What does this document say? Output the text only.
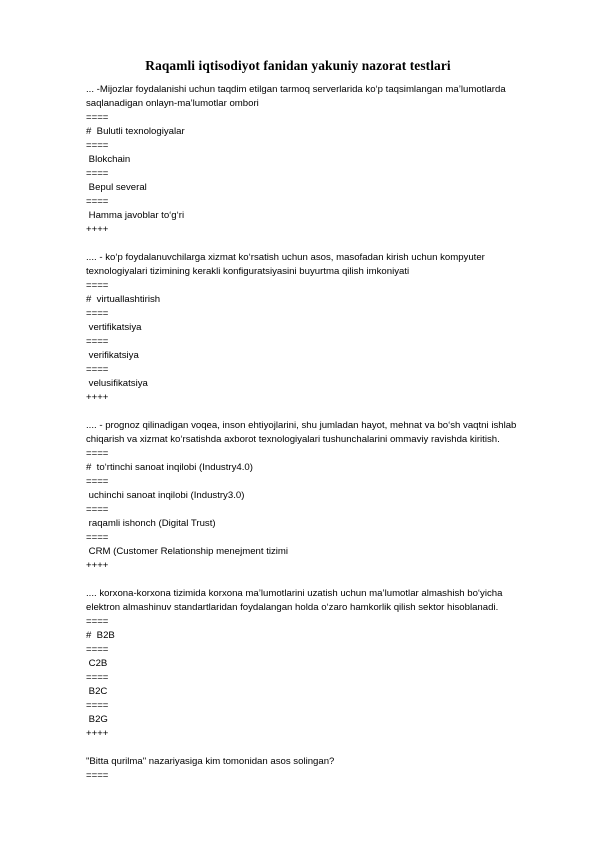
Raqamli iqtisodiyot fanidan yakuniy nazorat testlari
... -Mijozlar foydalanishi uchun taqdim etilgan tarmoq serverlarida ko‘p taqsimlangan ma’lumotlarda
saqlanadigan onlayn-ma’lumotlar ombori
====
#  Bulutli texnologiyalar
====
Blokchain
====
Bepul several
====
Hamma javoblar to‘g‘ri
++++
.... - ko‘p foydalanuvchilarga xizmat ko‘rsatish uchun asos, masofadan kirish uchun kompyuter
texnologiyalari tizimining kerakli konfiguratsiyasini buyurtma qilish imkoniyati
====
#  virtuallashtirish
====
vertifikatsiya
====
verifikatsiya
====
velusifikatsiya
++++
.... - prognoz qilinadigan voqea, inson ehtiyojlarini, shu jumladan hayot, mehnat va bo‘sh vaqtni ishlab
chiqarish va xizmat ko‘rsatishda axborot texnologiyalari tushunchalarini ommaviy ravishda kiritish.
====
#  to‘rtinchi sanoat inqilobi (Industry4.0)
====
uchinchi sanoat inqilobi (Industry3.0)
====
raqamli ishonch (Digital Trust)
====
CRM (Customer Relationship menejment tizimi
++++
.... korxona-korxona tizimida korxona ma’lumotlarini uzatish uchun ma’lumotlar almashish bo‘yicha
elektron almashinuv standartlaridan foydalangan holda o‘zaro hamkorlik qilish sektor hisoblanadi.
====
#  B2B
====
C2B
====
B2C
====
B2G
++++
"Bitta qurilma" nazariyasiga kim tomonidan asos solingan?
====
